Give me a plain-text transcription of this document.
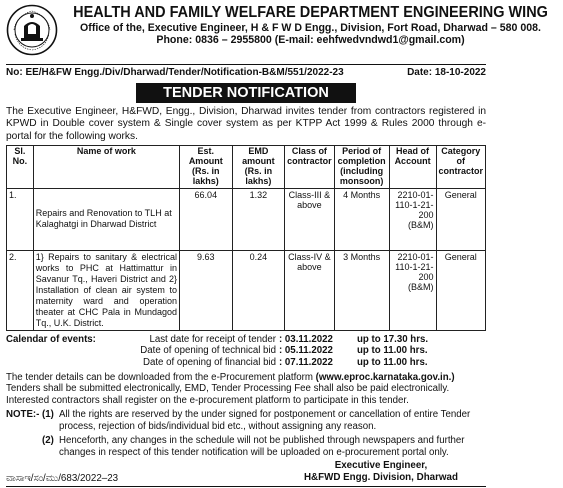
HEALTH AND FAMILY WELFARE DEPARTMENT ENGINEERING WING
Office of the, Executive Engineer, H & F W D Engg., Division, Fort Road, Dharwad – 580 008.
Phone: 0836 – 2955800 (E-mail: eehfwedvndwd1@gmail.com)
No: EE/H&FW Engg./Div/Dharwad/Tender/Notification-B&M/551/2022-23	Date: 18-10-2022
TENDER NOTIFICATION
The Executive Engineer, H&FWD, Engg., Division, Dharwad invites tender from contractors registered in KPWD in Double cover system & Single cover system as per KTPP Act 1999 & Rules 2000 through e-portal for the following works.
Sl. No.	Name of work	Est. Amount (Rs. in lakhs)	EMD amount (Rs. in lakhs)	Class of contractor	Period of completion (including monsoon)	Head of Account	Category of contractor
1.	Repairs and Renovation to TLH at Kalaghatgi in Dharwad District	66.04	1.32	Class-III & above	4 Months	2210-01-110-1-21-200 (B&M)	General
2.	1} Repairs to sanitary & electrical works to PHC at Hattimattur in Savanur Tq., Haveri District and 2} Installation of clean air system to maternity ward and operation theater at CHC Pala in Mundagod Tq., U.K. District.	9.63	0.24	Class-IV & above	3 Months	2210-01-110-1-21-200 (B&M)	General
Calendar of events:	Last date for receipt of tender : 03.11.2022	up to 17.30 hrs.
Date of opening of technical bid : 05.11.2022	up to 11.00 hrs.
Date of opening of financial bid : 07.11.2022	up to 11.00 hrs.
The tender details can be downloaded from the e-Procurement platform (www.eproc.karnataka.gov.in.) Tenders shall be submitted electronically, EMD, Tender Processing Fee shall also be paid electronically. Interested contractors shall register on the e-procurement platform to participate in this tender.
NOTE:- (1) All the rights are reserved by the under signed for postponement or cancellation of entire Tender process, rejection of bids/individual bid etc., without assigning any reason.
(2) Henceforth, any changes in the schedule will not be published through newspapers and further changes in respect of this tender notification will be uploaded on e-procurement portal only.
ವಾಸಾಇ/ಸಂ/ಮು/683/2022–23
Executive Engineer,
H&FWD Engg. Division, Dharwad
